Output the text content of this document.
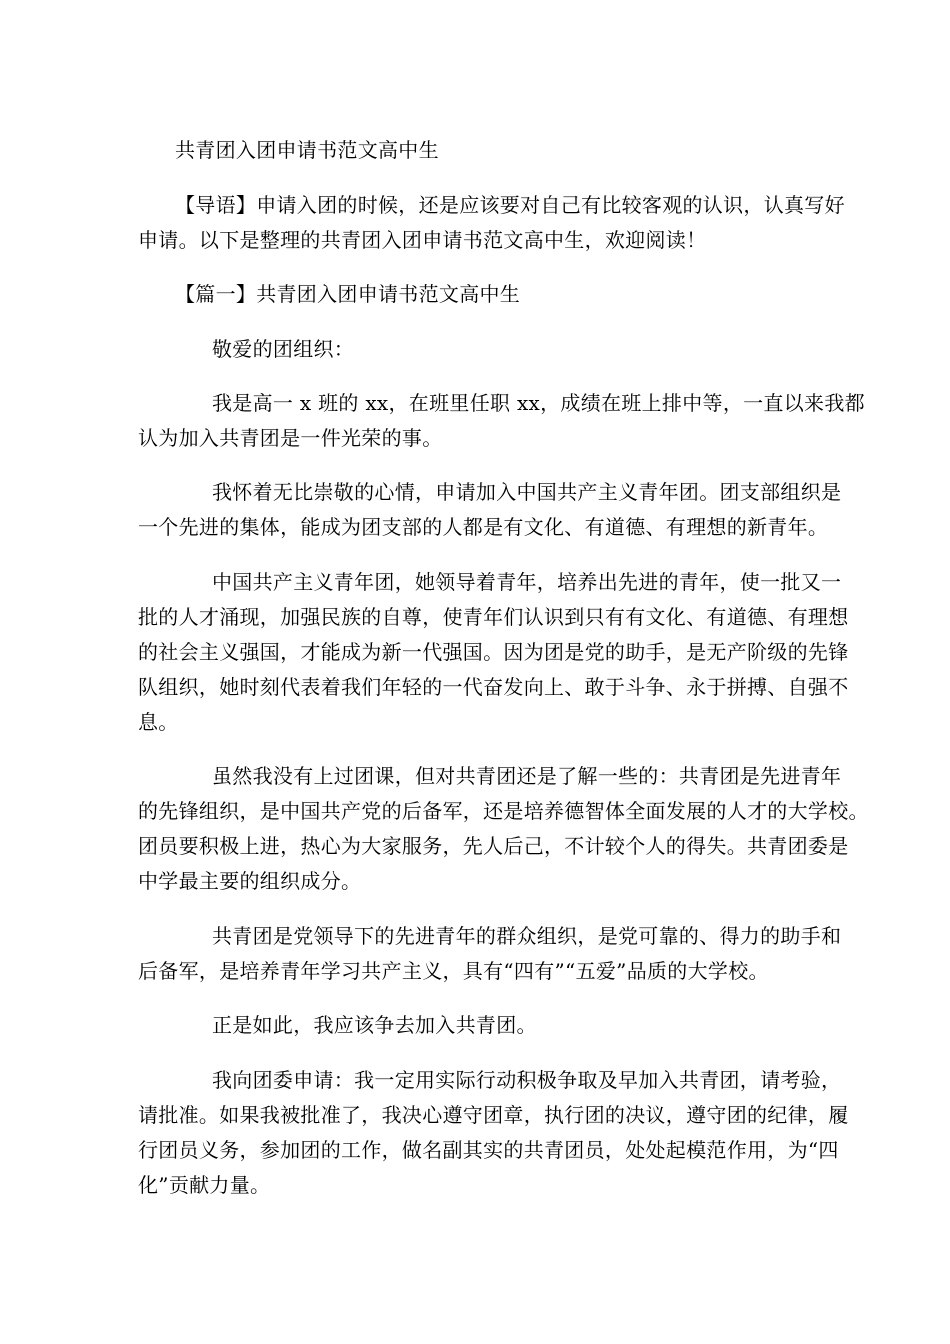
共青团入团申请书范文高中生
【导语】申请入团的时候，还是应该要对自己有比较客观的认识，认真写好
申请。以下是整理的共青团入团申请书范文高中生，欢迎阅读！
【篇一】共青团入团申请书范文高中生
敬爱的团组织：
我是高一 x 班的 xx，在班里任职 xx，成绩在班上排中等，一直以来我都
认为加入共青团是一件光荣的事。
我怀着无比崇敬的心情，申请加入中国共产主义青年团。团支部组织是
一个先进的集体，能成为团支部的人都是有文化、有道德、有理想的新青年。
中国共产主义青年团，她领导着青年，培养出先进的青年，使一批又一
批的人才涌现，加强民族的自尊，使青年们认识到只有有文化、有道德、有理想
的社会主义强国，才能成为新一代强国。因为团是党的助手，是无产阶级的先锋
队组织，她时刻代表着我们年轻的一代奋发向上、敢于斗争、永于拼搏、自强不
息。
虽然我没有上过团课，但对共青团还是了解一些的：共青团是先进青年
的先锋组织，是中国共产党的后备军，还是培养德智体全面发展的人才的大学校。
团员要积极上进，热心为大家服务，先人后己，不计较个人的得失。共青团委是
中学最主要的组织成分。
共青团是党领导下的先进青年的群众组织，是党可靠的、得力的助手和
后备军，是培养青年学习共产主义，具有“四有”“五爱”品质的大学校。
正是如此，我应该争去加入共青团。
我向团委申请：我一定用实际行动积极争取及早加入共青团，请考验，
请批准。如果我被批准了，我决心遵守团章，执行团的决议，遵守团的纪律，履
行团员义务，参加团的工作，做名副其实的共青团员，处处起模范作用，为“四
化”贡献力量。
